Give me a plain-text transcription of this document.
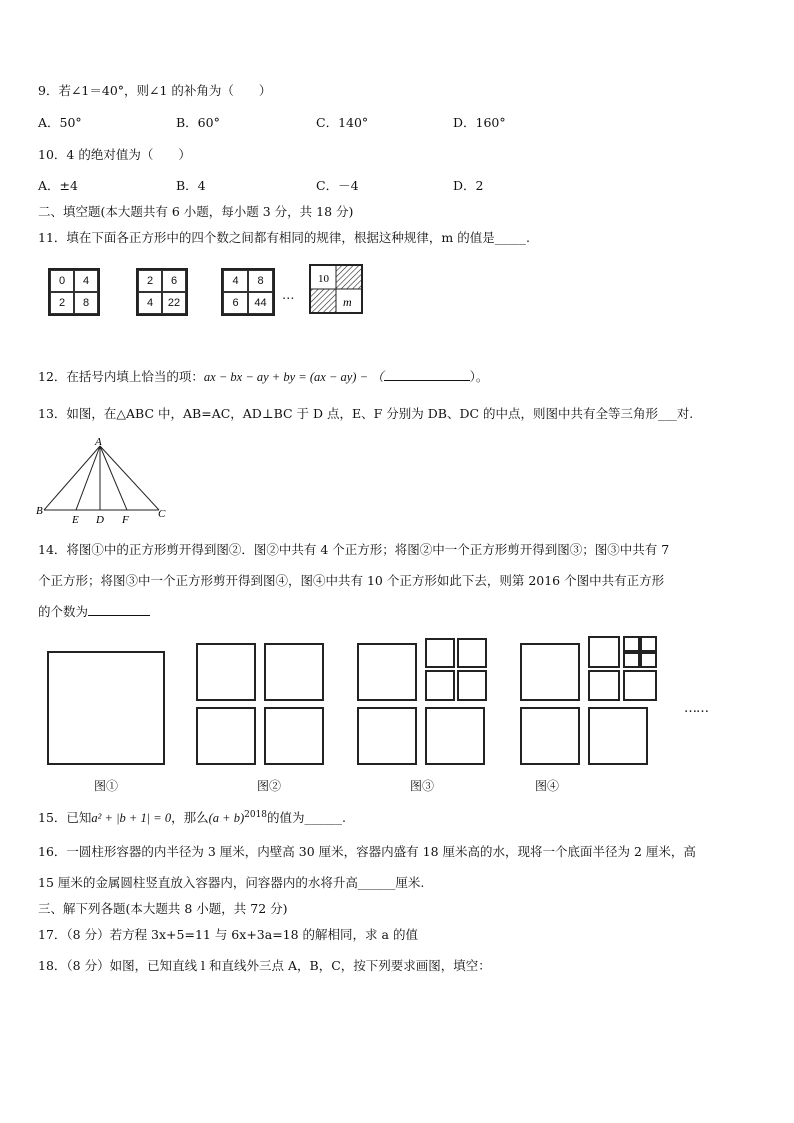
9．若∠1＝40°，则∠1 的补角为（　　）
A．50°	B．60°	C．140°	D．160°
10．4 的绝对值为（　　）
A．±4	B．4	C．－4	D．2
二、填空题(本大题共有 6 小题，每小题 3 分，共 18 分)
11．填在下面各正方形中的四个数之间都有相同的规律，根据这种规律，m 的值是_____.
0	4
2	8
2	6
4	22
4	8
6	44
…
10
m
12．在括号内填上恰当的项：ax − bx − ay + by = (ax − ay) − （	）。
13．如图，在△ABC 中，AB=AC，AD⊥BC 于 D 点，E、F 分别为 DB、DC 的中点，则图中共有全等三角形___对.
A
B
E D F	C
14．将图①中的正方形剪开得到图②．图②中共有 4 个正方形；将图②中一个正方形剪开得到图③；图③中共有 7
个正方形；将图③中一个正方形剪开得到图④，图④中共有 10 个正方形如此下去，则第 2016 个图中共有正方形
的个数为
……
图①	图②	图③	图④
15．已知a² + |b + 1| = 0，那么$(a + b)^{2018}$的值为______.
16．一圆柱形容器的内半径为 3 厘米，内壁高 30 厘米，容器内盛有 18 厘米高的水，现将一个底面半径为 2 厘米，高
15 厘米的金属圆柱竖直放入容器内，问容器内的水将升高______厘米.
三、解下列各题(本大题共 8 小题，共 72 分)
17．（8 分）若方程 3x+5=11 与 6x+3a=18 的解相同，求 a 的值
18．（8 分）如图，已知直线 l 和直线外三点 A，B，C，按下列要求画图，填空：
